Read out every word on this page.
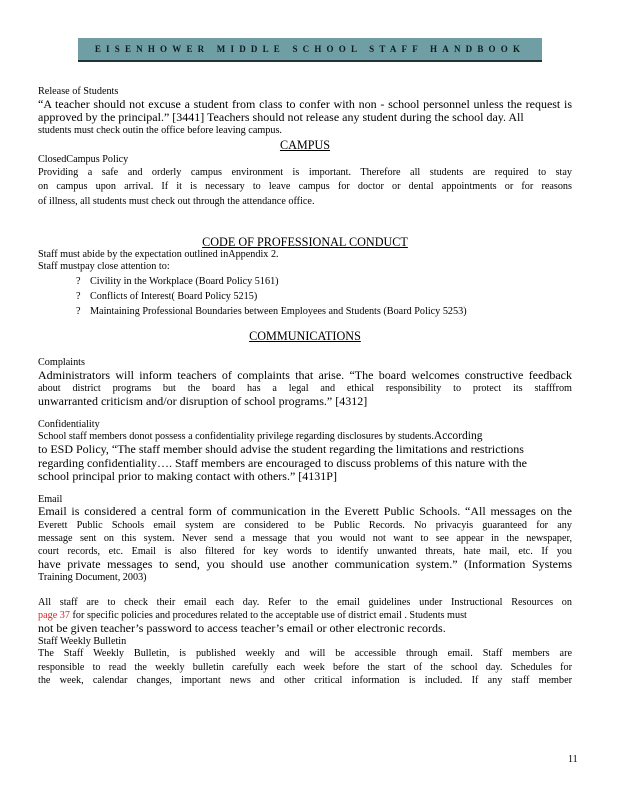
EISENHOWER MIDDLE SCHOOL STAFF HANDBOOK
Release of Students
“A teacher should not excuse a student from class to confer with non - school personnel unless the request is
approved by the principal.” [3441] Teachers should not release any student during the school day. All
students must check outin the office before leaving campus.
CAMPUS
ClosedCampus Policy
Providing a safe and orderly campus environment is important. Therefore all students are required to stay
on campus upon arrival. If it is necessary to leave campus for doctor or dental appointments or for reasons
of illness, all students must check out through the attendance office.
CODE OF PROFESSIONAL CONDUCT
Staff must abide by the expectation outlined inAppendix 2.
Staff mustpay close attention to:
? Civility in the Workplace (Board Policy 5161)
? Conflicts of Interest( Board Policy 5215)
? Maintaining Professional Boundaries between Employees and Students (Board Policy 5253)
COMMUNICATIONS
Complaints
Administrators will inform teachers of complaints that arise. “The board welcomes constructive feedback
about district programs but the board has a legal and ethical responsibility to protect its stafffrom
unwarranted criticism and/or disruption of school programs.” [4312]
Confidentiality
School staff members donot possess a confidentiality privilege regarding disclosures by students.According
to ESD Policy, “The staff member should advise the student regarding the limitations and restrictions
regarding confidentiality…. Staff members are encouraged to discuss problems of this nature with the
school principal prior to making contact with others.” [4131P]
Email
Email is considered a central form of communication in the Everett Public Schools. “All messages on the
Everett Public Schools email system are considered to be Public Records. No privacyis guaranteed for any
message sent on this system. Never send a message that you would not want to see appear in the newspaper,
court records, etc. Email is also filtered for key words to identify unwanted threats, hate mail, etc. If you
have private messages to send, you should use another communication system.” (Information Systems
Training Document, 2003)
All staff are to check their email each day. Refer to the email guidelines under Instructional Resources on
page 37 for specific policies and procedures related to the acceptable use of district email . Students must
not be given teacher’s password to access teacher’s email or other electronic records.
Staff Weekly Bulletin
The Staff Weekly Bulletin, is published weekly and will be accessible through email. Staff members are
responsible to read the weekly bulletin carefully each week before the start of the school day. Schedules for
the week, calendar changes, important news and other critical information is included. If any staff member
11
